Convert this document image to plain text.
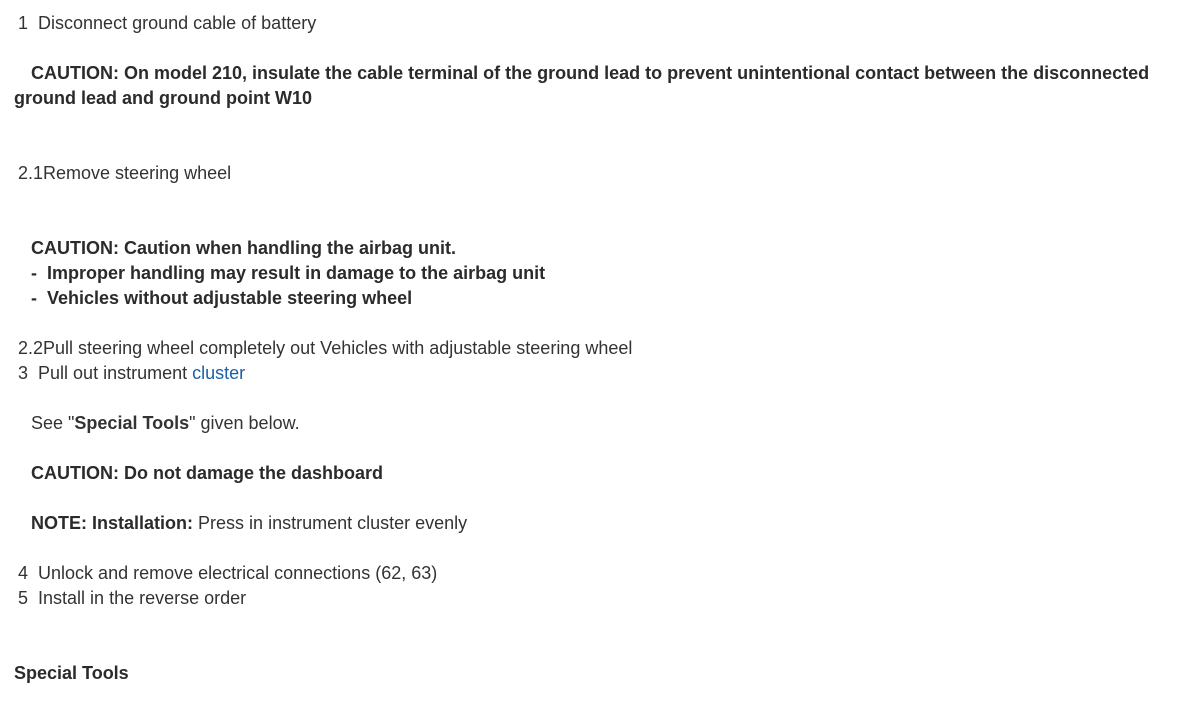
1 Disconnect ground cable of battery
CAUTION: On model 210, insulate the cable terminal of the ground lead to prevent unintentional contact between the disconnected ground lead and ground point W10
2.1Remove steering wheel
CAUTION: Caution when handling the airbag unit.
- Improper handling may result in damage to the airbag unit
- Vehicles without adjustable steering wheel
2.2Pull steering wheel completely out Vehicles with adjustable steering wheel
3 Pull out instrument cluster
See "Special Tools" given below.
CAUTION: Do not damage the dashboard
NOTE: Installation: Press in instrument cluster evenly
4 Unlock and remove electrical connections (62, 63)
5 Install in the reverse order
Special Tools
